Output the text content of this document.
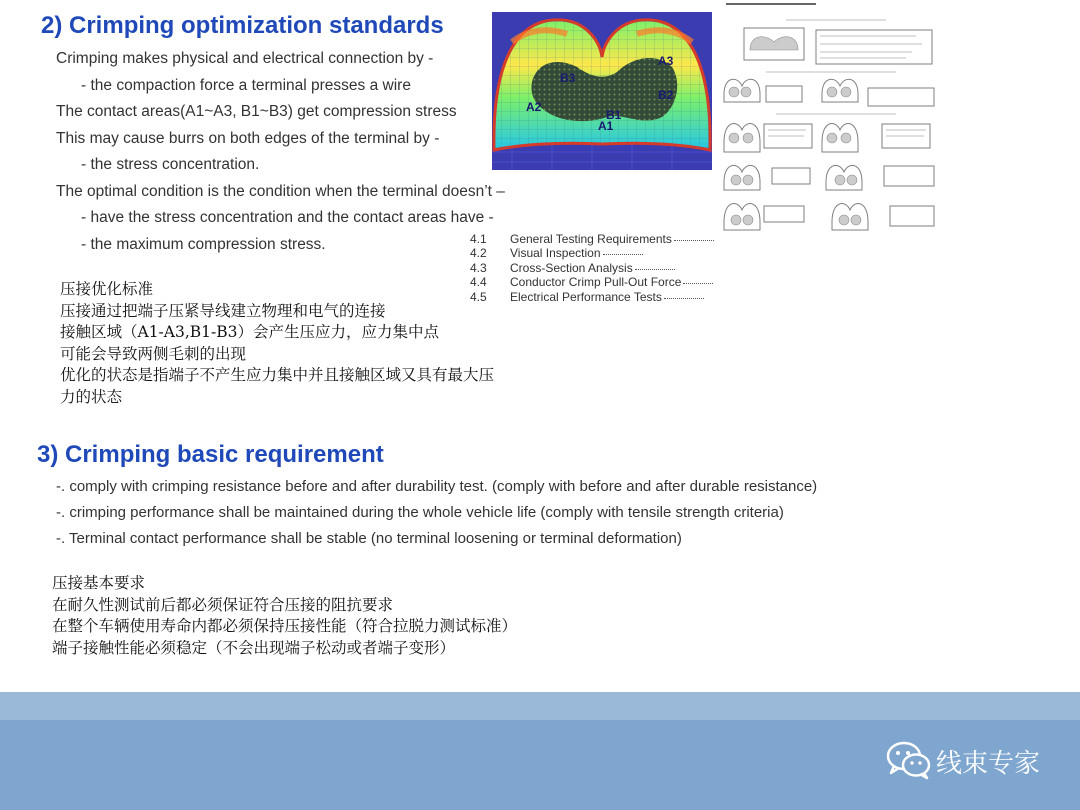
2) Crimping optimization standards
Crimping makes physical and electrical connection by -
- the compaction force a terminal presses a wire
The contact areas(A1~A3, B1~B3) get compression stress
This may cause burrs on both edges of the terminal by -
- the stress concentration.
The optimal condition is the condition when the terminal doesn’t –
- have the stress concentration and the contact areas have -
- the maximum compression stress.
B3
A3
A2
B2
B1
A1
4.1 General Testing Requirements
4.2 Visual Inspection
4.3 Cross-Section Analysis
4.4 Conductor Crimp Pull-Out Force
4.5 Electrical Performance Tests
压接优化标准
压接通过把端子压紧导线建立物理和电气的连接
接触区域（A1-A3,B1-B3）会产生压应力，应力集中点
可能会导致两侧毛刺的出现
优化的状态是指端子不产生应力集中并且接触区域又具有最大压
力的状态
3) Crimping basic requirement
-. comply with crimping resistance before and after durability test. (comply with before and after durable resistance)
-. crimping performance shall be maintained during the whole vehicle life (comply with tensile strength criteria)
-. Terminal contact performance shall be stable (no terminal loosening or terminal deformation)
压接基本要求
在耐久性测试前后都必须保证符合压接的阻抗要求
在整个车辆使用寿命内都必须保持压接性能（符合拉脱力测试标准）
端子接触性能必须稳定（不会出现端子松动或者端子变形）
线束专家
